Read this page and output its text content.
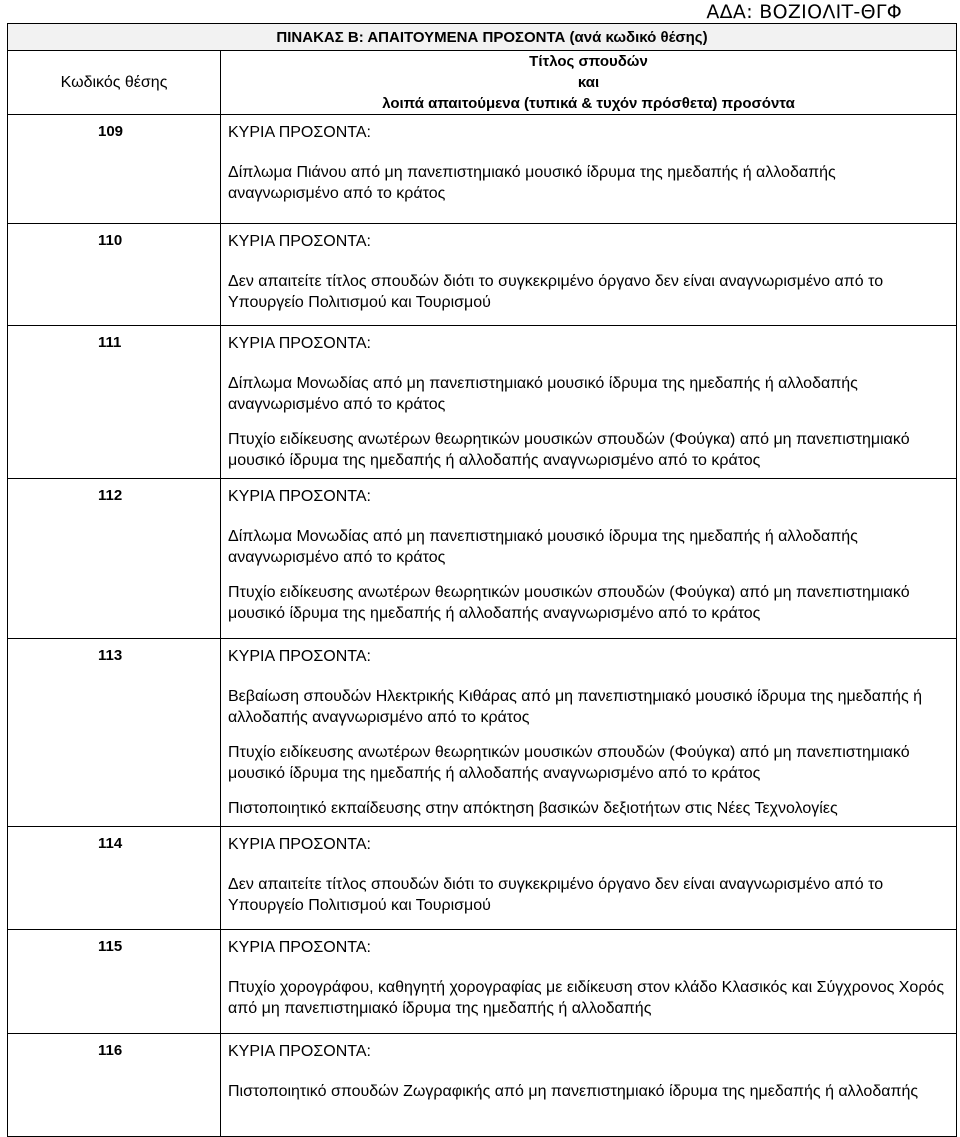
ΑΔΑ: ΒΟΖΙΟΛΙΤ-ΘΓΦ
ΠΙΝΑΚΑΣ Β: ΑΠΑΙΤΟΥΜΕΝΑ ΠΡΟΣΟΝΤΑ (ανά κωδικό θέσης)	
Κωδικός θέσης	Τίτλος σπουδών
και
λοιπά απαιτούμενα (τυπικά & τυχόν πρόσθετα) προσόντα

109	ΚΥΡΙΑ ΠΡΟΣΟΝΤΑ:
Δίπλωμα Πιάνου από μη πανεπιστημιακό μουσικό ίδρυμα της ημεδαπής ή αλλοδαπής αναγνωρισμένο από το κράτος

110	ΚΥΡΙΑ ΠΡΟΣΟΝΤΑ:
Δεν απαιτείτε τίτλος σπουδών διότι το συγκεκριμένο όργανο δεν είναι αναγνωρισμένο από το Υπουργείο Πολιτισμού και Τουρισμού

111	ΚΥΡΙΑ ΠΡΟΣΟΝΤΑ:
Δίπλωμα Μονωδίας από μη πανεπιστημιακό μουσικό ίδρυμα της ημεδαπής ή αλλοδαπής αναγνωρισμένο από το κράτος
Πτυχίο ειδίκευσης ανωτέρων θεωρητικών μουσικών σπουδών (Φούγκα) από μη πανεπιστημιακό μουσικό ίδρυμα της ημεδαπής ή αλλοδαπής αναγνωρισμένο από το κράτος

112	ΚΥΡΙΑ ΠΡΟΣΟΝΤΑ:
Δίπλωμα Μονωδίας από μη πανεπιστημιακό μουσικό ίδρυμα της ημεδαπής ή αλλοδαπής αναγνωρισμένο από το κράτος
Πτυχίο ειδίκευσης ανωτέρων θεωρητικών μουσικών σπουδών (Φούγκα) από μη πανεπιστημιακό μουσικό ίδρυμα της ημεδαπής ή αλλοδαπής αναγνωρισμένο από το κράτος

113	ΚΥΡΙΑ ΠΡΟΣΟΝΤΑ:
Βεβαίωση σπουδών Ηλεκτρικής Κιθάρας από μη πανεπιστημιακό μουσικό ίδρυμα της ημεδαπής ή αλλοδαπής αναγνωρισμένο από το κράτος
Πτυχίο ειδίκευσης ανωτέρων θεωρητικών μουσικών σπουδών (Φούγκα) από μη πανεπιστημιακό μουσικό ίδρυμα της ημεδαπής ή αλλοδαπής αναγνωρισμένο από το κράτος
Πιστοποιητικό εκπαίδευσης στην απόκτηση βασικών δεξιοτήτων στις Νέες Τεχνολογίες

114	ΚΥΡΙΑ ΠΡΟΣΟΝΤΑ:
Δεν απαιτείτε τίτλος σπουδών διότι το συγκεκριμένο όργανο δεν είναι αναγνωρισμένο από το Υπουργείο Πολιτισμού και Τουρισμού

115	ΚΥΡΙΑ ΠΡΟΣΟΝΤΑ:
Πτυχίο χορογράφου, καθηγητή χορογραφίας με ειδίκευση στον κλάδο Κλασικός και Σύγχρονος Χορός από μη πανεπιστημιακό ίδρυμα της ημεδαπής ή αλλοδαπής

116	ΚΥΡΙΑ ΠΡΟΣΟΝΤΑ:
Πιστοποιητικό σπουδών Ζωγραφικής από μη πανεπιστημιακό ίδρυμα της ημεδαπής ή αλλοδαπής
